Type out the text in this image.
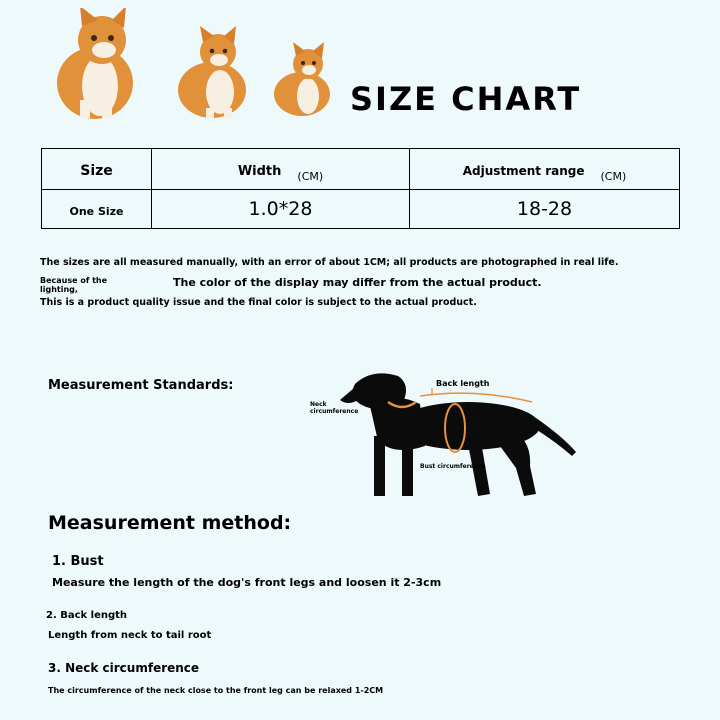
SIZE CHART
Size	Width $_{(CM)}$	Adjustment range $_{(CM)}$
One Size	1.0*28	18-28
The sizes are all measured manually, with an error of about 1CM; all products are photographed in real life.
Because of the lighting,
The color of the display may differ from the actual product.
This is a product quality issue and the final color is subject to the actual product.
Measurement Standards:	Back length
Neck circumference
Bust circumference
Measurement method:
1. Bust
Measure the length of the dog's front legs and loosen it 2-3cm
2. Back length
Length from neck to tail root
3. Neck circumference
The circumference of the neck close to the front leg can be relaxed 1-2CM
